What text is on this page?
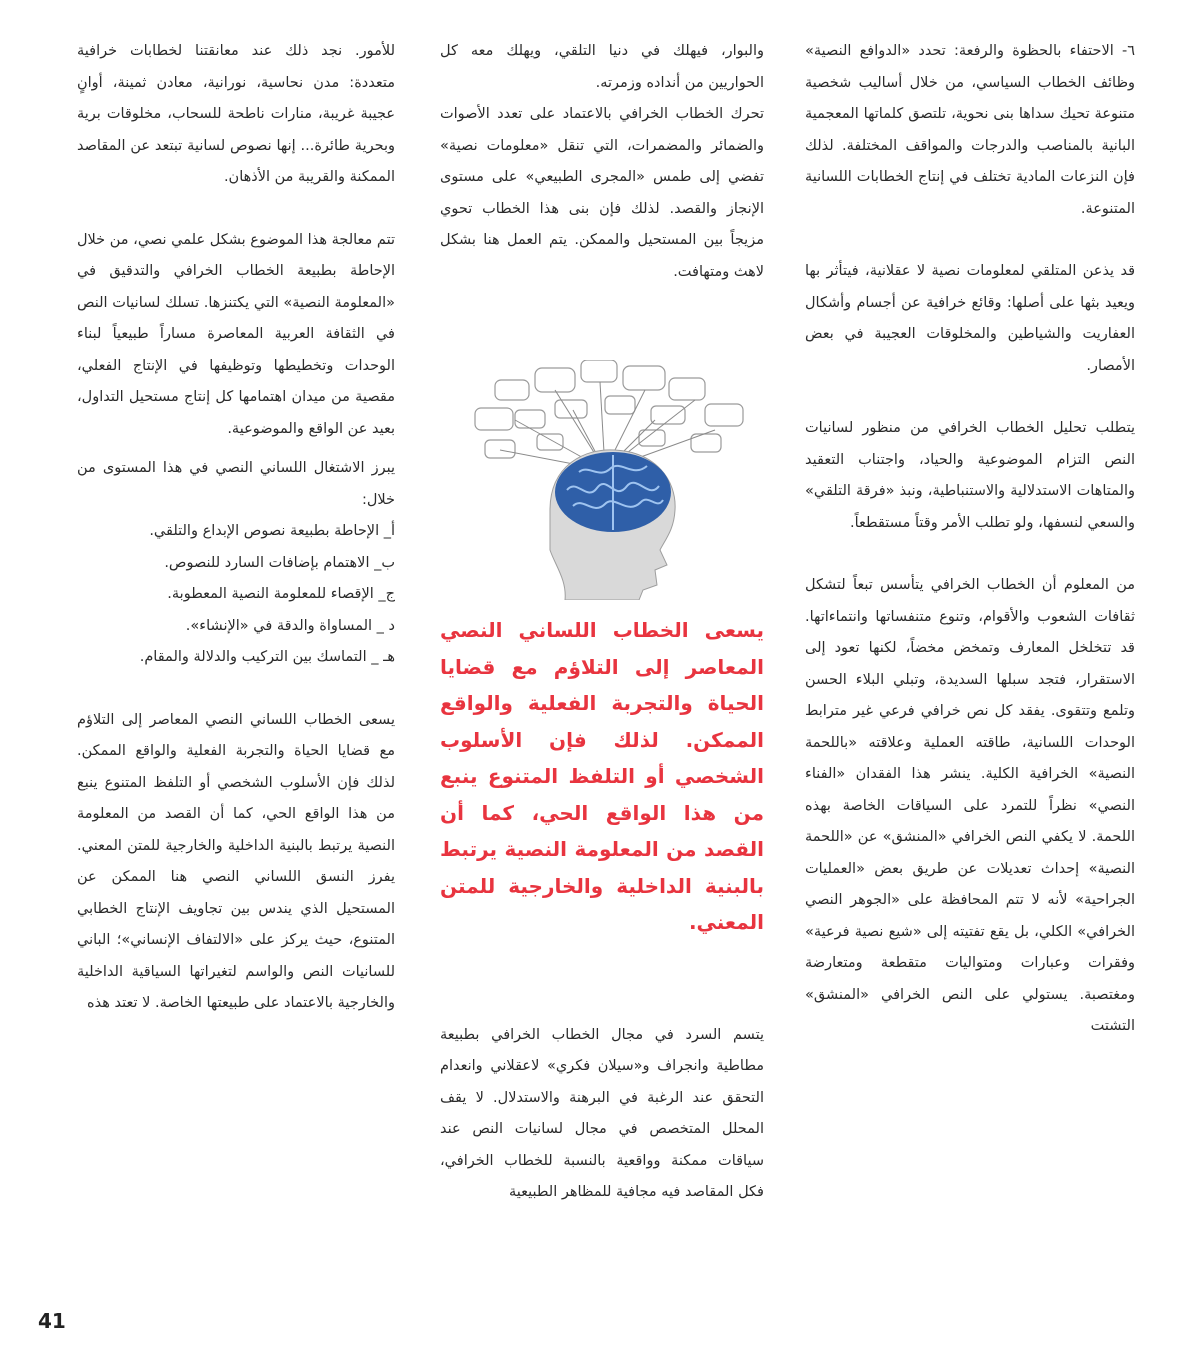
٦- الاحتفاء بالحظوة والرفعة: تحدد «الدوافع النصية» وظائف الخطاب السياسي، من خلال أساليب شخصية متنوعة تحيك سداها بنى نحوية، تلتصق كلماتها المعجمية البانية بالمناصب والدرجات والمواقف المختلفة. لذلك فإن النزعات المادية تختلف في إنتاج الخطابات اللسانية المتنوعة.

قد يذعن المتلقي لمعلومات نصية لا عقلانية، فيتأثر بها ويعيد بثها على أصلها: وقائع خرافية عن أجسام وأشكال العفاريت والشياطين والمخلوقات العجيبة في بعض الأمصار.

يتطلب تحليل الخطاب الخرافي من منظور لسانيات النص التزام الموضوعية والحياد، واجتناب التعقيد والمتاهات الاستدلالية والاستنباطية، ونبذ «فرقة التلقي» والسعي لنسفها، ولو تطلب الأمر وقتاً مستقطعاً.

من المعلوم أن الخطاب الخرافي يتأسس تبعاً لتشكل ثقافات الشعوب والأقوام، وتنوع متنفساتها وانتماءاتها. قد تتخلخل المعارف وتمخض مخضاً، لكنها تعود إلى الاستقرار، فتجد سبلها السديدة، وتبلي البلاء الحسن وتلمع وتتقوى. يفقد كل نص خرافي فرعي غير مترابط الوحدات اللسانية، طاقته العملية وعلاقته «باللحمة النصية» الخرافية الكلية. ينشر هذا الفقدان «الفناء النصي» نظراً للتمرد على السياقات الخاصة بهذه اللحمة. لا يكفي النص الخرافي «المنشق» عن «اللحمة النصية» إحداث تعديلات عن طريق بعض «العمليات الجراحية» لأنه لا تتم المحافظة على «الجوهر النصي الخرافي» الكلي، بل يقع تفتيته إلى «شيع نصية فرعية» وفقرات وعبارات ومتواليات متقطعة ومتعارضة ومغتصبة. يستولي على النص الخرافي «المنشق» التشتت

والبوار، فيهلك في دنيا التلقي، ويهلك معه كل الحواريين من أنداده وزمرته.

تحرك الخطاب الخرافي بالاعتماد على تعدد الأصوات والضمائر والمضمرات، التي تنقل «معلومات نصية» تفضي إلى طمس «المجرى الطبيعي» على مستوى الإنجاز والقصد. لذلك فإن بنى هذا الخطاب تحوي مزيجاً بين المستحيل والممكن. يتم العمل هنا بشكل لاهث ومتهافت.

يسعى الخطاب اللساني النصي المعاصر إلى التلاؤم مع قضايا الحياة والتجربة الفعلية والواقع الممكن. لذلك فإن الأسلوب الشخصي أو التلفظ المتنوع ينبع من هذا الواقع الحي، كما أن القصد من المعلومة النصية يرتبط بالبنية الداخلية والخارجية للمتن المعني.

يتسم السرد في مجال الخطاب الخرافي بطبيعة مطاطية وانجراف و«سيلان فكري» لاعقلاني وانعدام التحقق عند الرغبة في البرهنة والاستدلال. لا يقف المحلل المتخصص في مجال لسانيات النص عند سياقات ممكنة وواقعية بالنسبة للخطاب الخرافي، فكل المقاصد فيه مجافية للمظاهر الطبيعية

للأمور. نجد ذلك عند معانقتنا لخطابات خرافية متعددة: مدن نحاسية، نورانية، معادن ثمينة، أوانٍ عجيبة غريبة، منارات ناطحة للسحاب، مخلوقات برية وبحرية طائرة... إنها نصوص لسانية تبتعد عن المقاصد الممكنة والقريبة من الأذهان.

تتم معالجة هذا الموضوع بشكل علمي نصي، من خلال الإحاطة بطبيعة الخطاب الخرافي والتدقيق في «المعلومة النصية» التي يكتنزها. تسلك لسانيات النص في الثقافة العربية المعاصرة مساراً طبيعياً لبناء الوحدات وتخطيطها وتوظيفها في الإنتاج الفعلي، مقصية من ميدان اهتمامها كل إنتاج مستحيل التداول، بعيد عن الواقع والموضوعية.

يبرز الاشتغال اللساني النصي في هذا المستوى من خلال:

أ_ الإحاطة بطبيعة نصوص الإبداع والتلقي.

ب_ الاهتمام بإضافات السارد للنصوص.

ج_ الإقصاء للمعلومة النصية المعطوبة.

د _ المساواة والدقة في «الإنشاء».

هـ _ التماسك بين التركيب والدلالة والمقام.

يسعى الخطاب اللساني النصي المعاصر إلى التلاؤم مع قضايا الحياة والتجربة الفعلية والواقع الممكن. لذلك فإن الأسلوب الشخصي أو التلفظ المتنوع ينبع من هذا الواقع الحي، كما أن القصد من المعلومة النصية يرتبط بالبنية الداخلية والخارجية للمتن المعني. يفرز النسق اللساني النصي هنا الممكن عن المستحيل الذي يندس بين تجاويف الإنتاج الخطابي المتنوع، حيث يركز على «الالتفاف الإنساني»؛ الباني للسانيات النص والواسم لتغيراتها السياقية الداخلية والخارجية بالاعتماد على طبيعتها الخاصة. لا تعتد هذه

41
